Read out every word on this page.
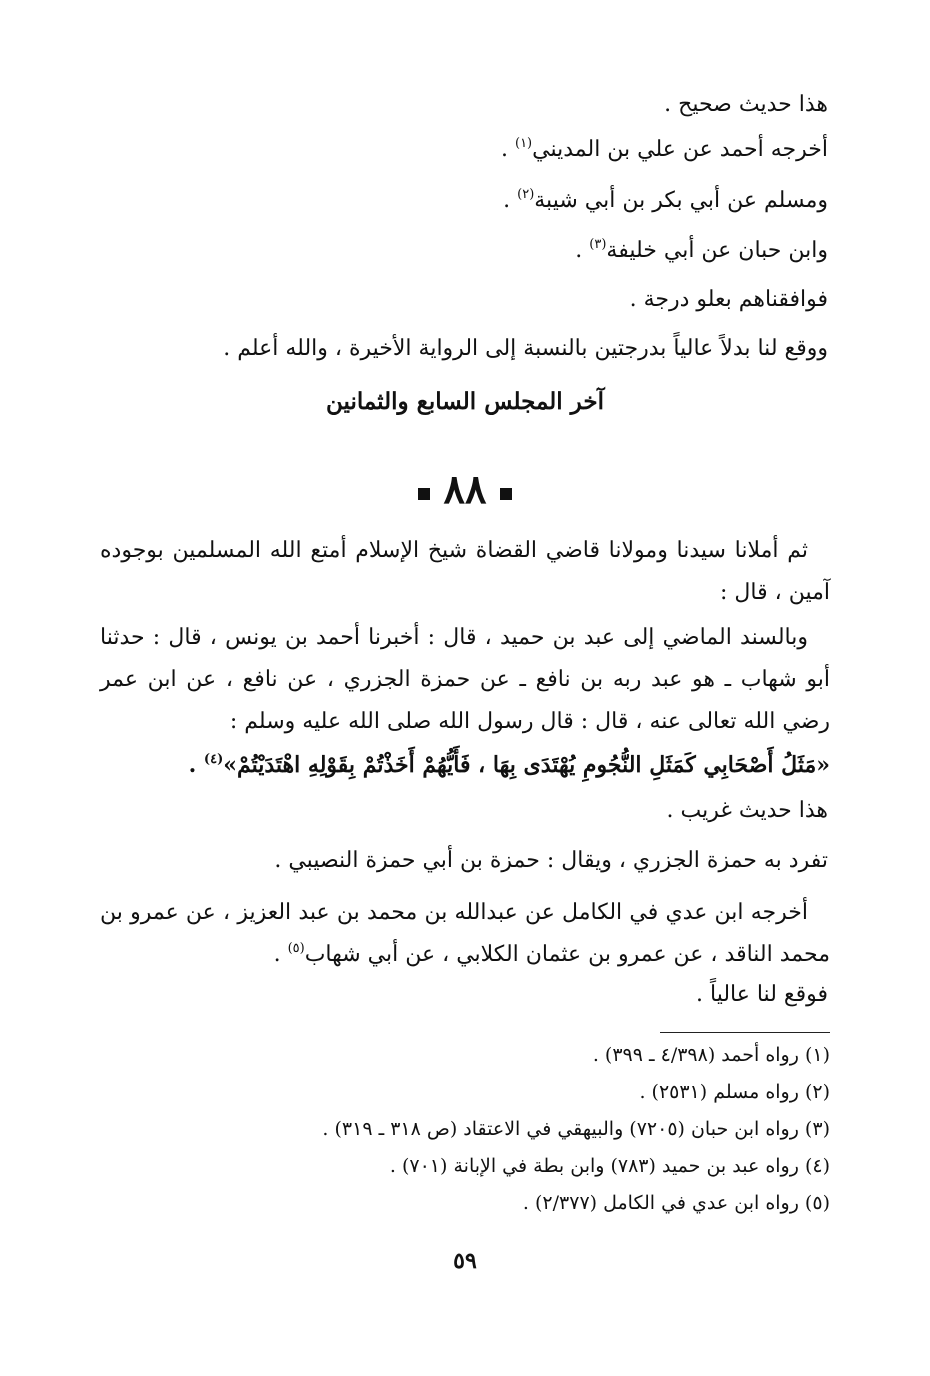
هذا حديث صحيح .
أخرجه أحمد عن علي بن المديني$^{(١)}$ .
ومسلم عن أبي بكر بن أبي شيبة$^{(٢)}$ .
وابن حبان عن أبي خليفة$^{(٣)}$ .
فوافقناهم بعلو درجة .
ووقع لنا بدلاً عالياً بدرجتين بالنسبة إلى الرواية الأخيرة ، والله أعلم .
آخر المجلس السابع والثمانين
٨٨
ثم أملانا سيدنا ومولانا قاضي القضاة شيخ الإسلام أمتع الله المسلمين بوجوده آمين ، قال :
وبالسند الماضي إلى عبد بن حميد ، قال : أخبرنا أحمد بن يونس ، قال : حدثنا أبو شهاب ـ هو عبد ربه بن نافع ـ عن حمزة الجزري ، عن نافع ، عن ابن عمر رضي الله تعالى عنه ، قال : قال رسول الله صلى الله عليه وسلم :
«مَثَلُ أَصْحَابِي كَمَثَلِ النُّجُومِ يُهْتَدَى بِهَا ، فَأَيُّهُمْ أَخَذْتُمْ بِقَوْلِهِ اهْتَدَيْتُمْ»$^{(٤)}$ .
هذا حديث غريب .
تفرد به حمزة الجزري ، ويقال : حمزة بن أبي حمزة النصيبي .
أخرجه ابن عدي في الكامل عن عبدالله بن محمد بن عبد العزيز ، عن عمرو بن محمد الناقد ، عن عمرو بن عثمان الكلابي ، عن أبي شهاب$^{(٥)}$ .
فوقع لنا عالياً .
(١) رواه أحمد (٤/٣٩٨ ـ ٣٩٩) .
(٢) رواه مسلم (٢٥٣١) .
(٣) رواه ابن حبان (٧٢٠٥) والبيهقي في الاعتقاد (ص ٣١٨ ـ ٣١٩) .
(٤) رواه عبد بن حميد (٧٨٣) وابن بطة في الإبانة (٧٠١) .
(٥) رواه ابن عدي في الكامل (٢/٣٧٧) .
٥٩
